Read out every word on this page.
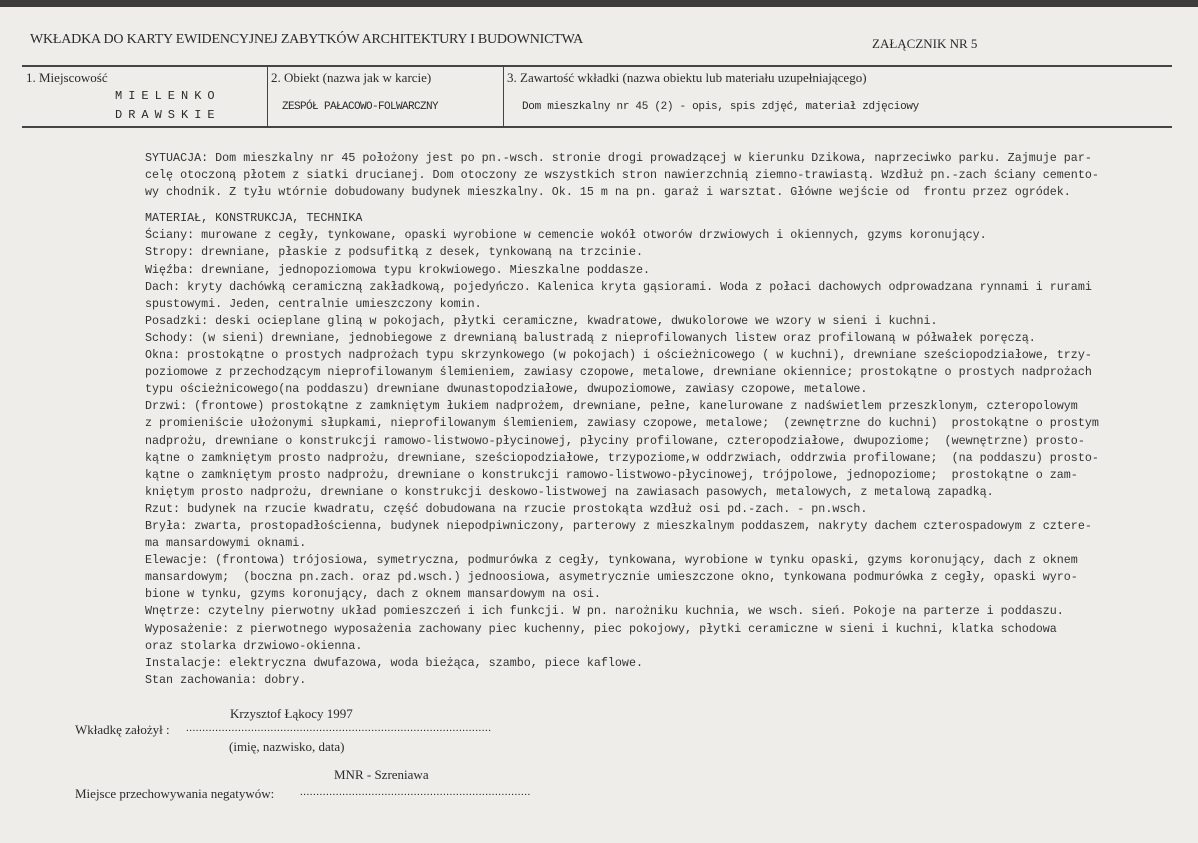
WKŁADKA DO KARTY EWIDENCYJNEJ ZABYTKÓW ARCHITEKTURY I BUDOWNICTWA	ZAŁĄCZNIK NR 5
1. Miejscowość
MIELENKO
DRAWSKIE
2. Obiekt (nazwa jak w karcie)
ZESPÓŁ PAŁACOWO-FOLWARCZNY
3. Zawartość wkładki (nazwa obiektu lub materiału uzupełniającego)
Dom mieszkalny nr 45 (2) - opis, spis zdjęć, materiał zdjęciowy
SYTUACJA: Dom mieszkalny nr 45 położony jest po pn.-wsch. stronie drogi prowadzącej w kierunku Dzikowa, naprzeciwko parku. Zajmuje par-
celę otoczoną płotem z siatki drucianej. Dom otoczony ze wszystkich stron nawierzchnią ziemno-trawiastą. Wzdłuż pn.-zach ściany cemento-
wy chodnik. Z tyłu wtórnie dobudowany budynek mieszkalny. Ok. 15 m na pn. garaż i warsztat. Główne wejście od  frontu przez ogródek.
MATERIAŁ, KONSTRUKCJA, TECHNIKA
Ściany: murowane z cegły, tynkowane, opaski wyrobione w cemencie wokół otworów drzwiowych i okiennych, gzyms koronujący.
Stropy: drewniane, płaskie z podsufitką z desek, tynkowaną na trzcinie.
Więźba: drewniane, jednopoziomowa typu krokwiowego. Mieszkalne poddasze.
Dach: kryty dachówką ceramiczną zakładkową, pojedyńczo. Kalenica kryta gąsiorami. Woda z połaci dachowych odprowadzana rynnami i rurami
spustowymi. Jeden, centralnie umieszczony komin.
Posadzki: deski ocieplane gliną w pokojach, płytki ceramiczne, kwadratowe, dwukolorowe we wzory w sieni i kuchni.
Schody: (w sieni) drewniane, jednobiegowe z drewnianą balustradą z nieprofilowanych listew oraz profilowaną w półwałek poręczą.
Okna: prostokątne o prostych nadprożach typu skrzynkowego (w pokojach) i ościeżnicowego ( w kuchni), drewniane sześciopodziałowe, trzy-
poziomowe z przechodzącym nieprofilowanym ślemieniem, zawiasy czopowe, metalowe, drewniane okiennice; prostokątne o prostych nadprożach
typu ościeżnicowego(na poddaszu) drewniane dwunastopodziałowe, dwupoziomowe, zawiasy czopowe, metalowe.
Drzwi: (frontowe) prostokątne z zamkniętym łukiem nadprożem, drewniane, pełne, kanelurowane z nadświetlem przeszklonym, czteropolowym
z promieniście ułożonymi słupkami, nieprofilowanym ślemieniem, zawiasy czopowe, metalowe;  (zewnętrzne do kuchni)  prostokątne o prostym
nadprożu, drewniane o konstrukcji ramowo-listwowo-płycinowej, płyciny profilowane, czteropodziałowe, dwupoziome;  (wewnętrzne) prosto-
kątne o zamkniętym prosto nadprożu, drewniane, sześciopodziałowe, trzypoziome,w oddrzwiach, oddrzwia profilowane;  (na poddaszu) prosto-
kątne o zamkniętym prosto nadprożu, drewniane o konstrukcji ramowo-listwowo-płycinowej, trójpolowe, jednopoziome;  prostokątne o zam-
kniętym prosto nadprożu, drewniane o konstrukcji deskowo-listwowej na zawiasach pasowych, metalowych, z metalową zapadką.
Rzut: budynek na rzucie kwadratu, część dobudowana na rzucie prostokąta wzdłuż osi pd.-zach. - pn.wsch.
Bryła: zwarta, prostopadłościenna, budynek niepodpiwniczony, parterowy z mieszkalnym poddaszem, nakryty dachem czterospadowym z cztere-
ma mansardowymi oknami.
Elewacje: (frontowa) trójosiowa, symetryczna, podmurówka z cegły, tynkowana, wyrobione w tynku opaski, gzyms koronujący, dach z oknem
mansardowym;  (boczna pn.zach. oraz pd.wsch.) jednoosiowa, asymetrycznie umieszczone okno, tynkowana podmurówka z cegły, opaski wyro-
bione w tynku, gzyms koronujący, dach z oknem mansardowym na osi.
Wnętrze: czytelny pierwotny układ pomieszczeń i ich funkcji. W pn. narożniku kuchnia, we wsch. sień. Pokoje na parterze i poddaszu.
Wyposażenie: z pierwotnego wyposażenia zachowany piec kuchenny, piec pokojowy, płytki ceramiczne w sieni i kuchni, klatka schodowa
oraz stolarka drzwiowo-okienna.
Instalacje: elektryczna dwufazowa, woda bieżąca, szambo, piece kaflowe.
Stan zachowania: dobry.
Krzysztof Łąkocy 1997
Wkładkę założył : ..............................................................................................
(imię, nazwisko, data)
MNR - Szreniawa
Miejsce przechowywania negatywów: .......................................................................
